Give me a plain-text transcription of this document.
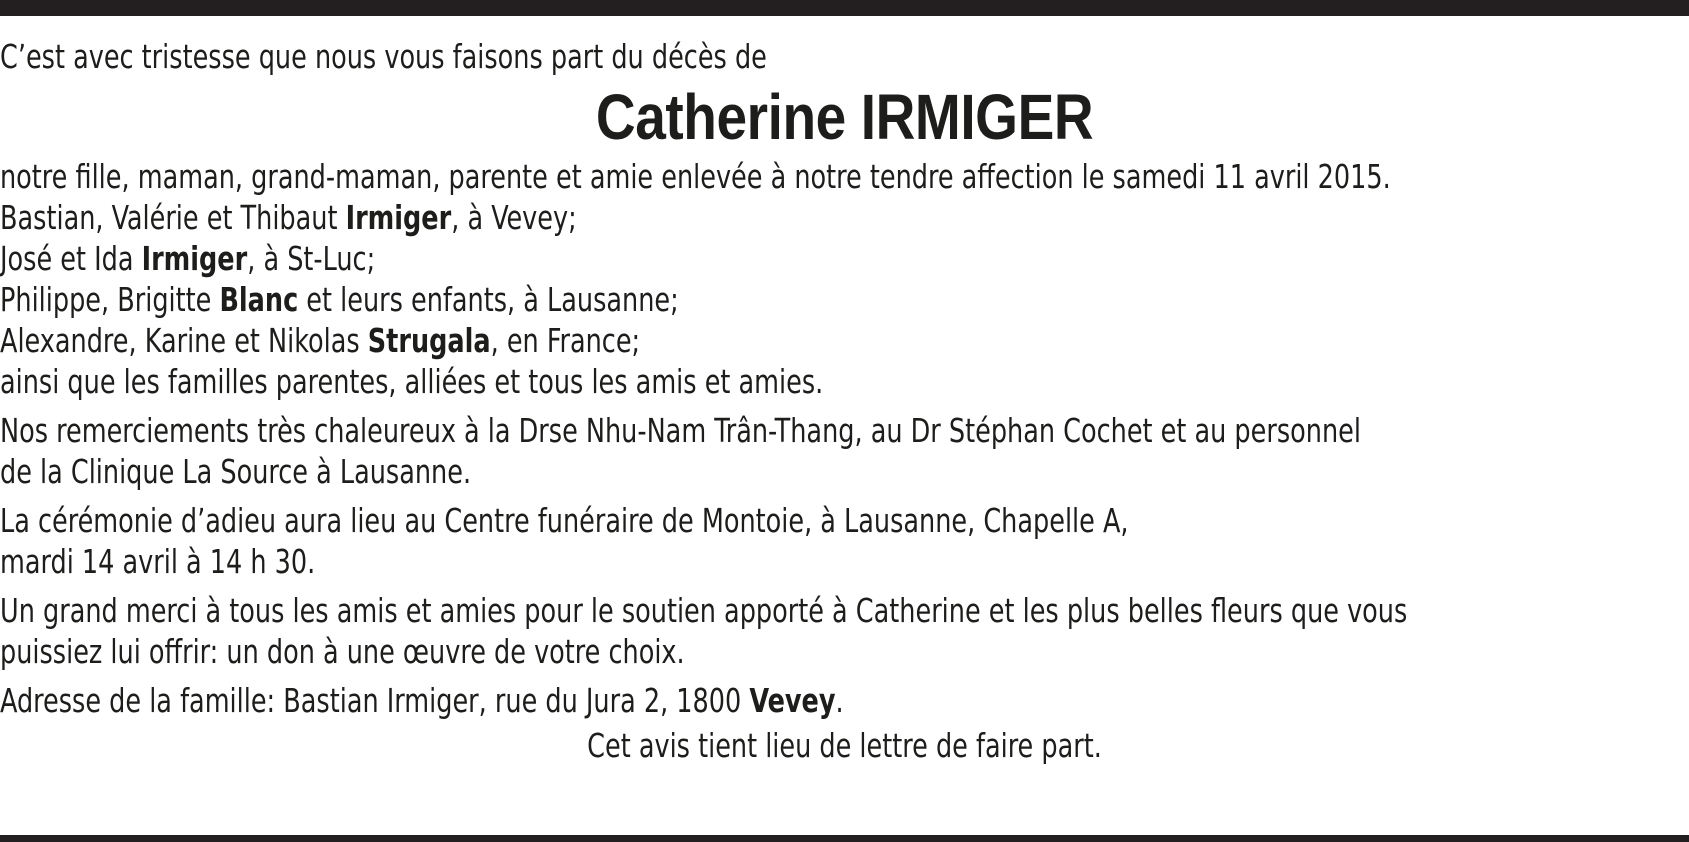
C’est avec tristesse que nous vous faisons part du décès de

Catherine IRMIGER

notre fille, maman, grand-maman, parente et amie enlevée à notre tendre affection le samedi 11 avril 2015.

Bastian, Valérie et Thibaut Irmiger, à Vevey;

José et Ida Irmiger, à St-Luc;

Philippe, Brigitte Blanc et leurs enfants, à Lausanne;

Alexandre, Karine et Nikolas Strugala, en France;

ainsi que les familles parentes, alliées et tous les amis et amies.

Nos remerciements très chaleureux à la Drse Nhu-Nam Trân-Thang, au Dr Stéphan Cochet et au personnel

de la Clinique La Source à Lausanne.

La cérémonie d’adieu aura lieu au Centre funéraire de Montoie, à Lausanne, Chapelle A,

mardi 14 avril à 14 h 30.

Un grand merci à tous les amis et amies pour le soutien apporté à Catherine et les plus belles fleurs que vous

puissiez lui offrir: un don à une œuvre de votre choix.

Adresse de la famille: Bastian Irmiger, rue du Jura 2, 1800 Vevey.

Cet avis tient lieu de lettre de faire part.
